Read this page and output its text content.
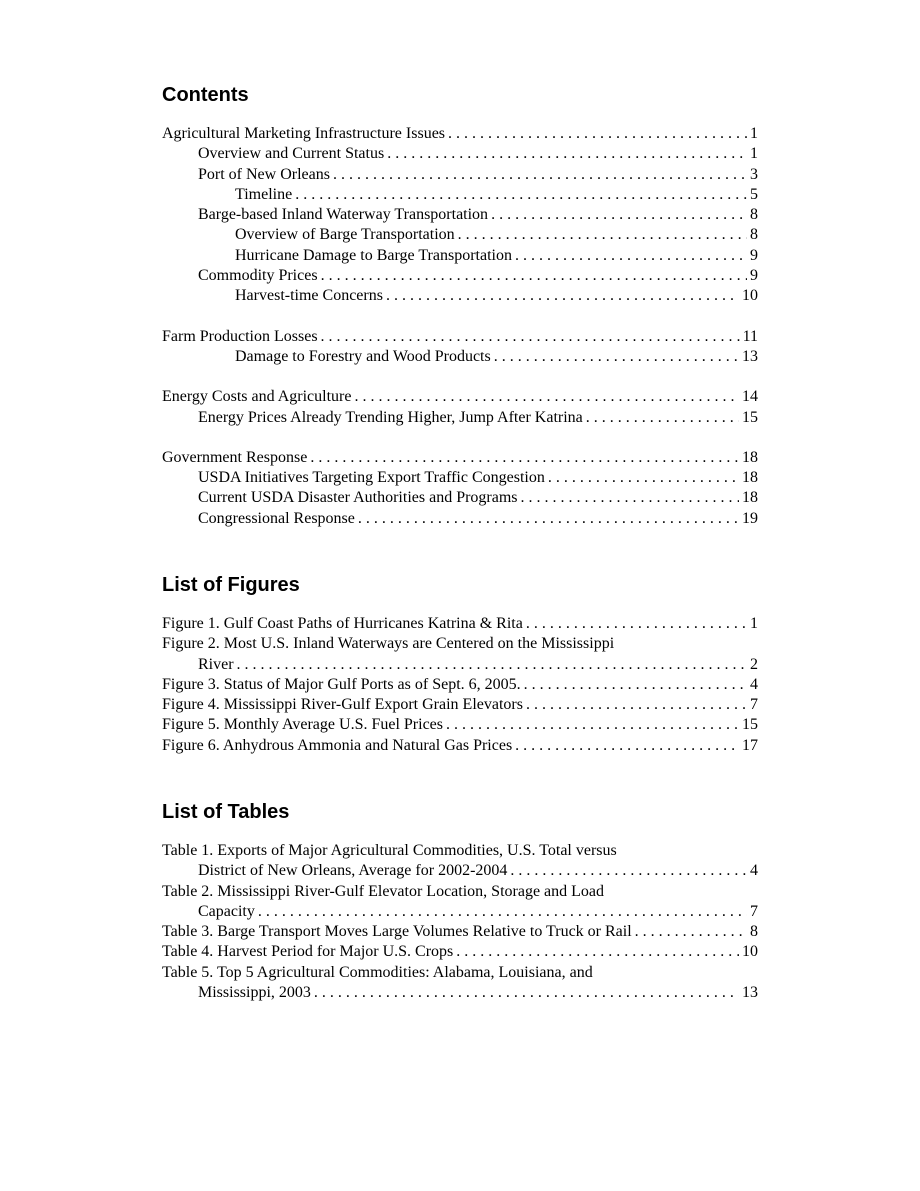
Contents
Agricultural Marketing Infrastructure Issues . . .	1
Overview and Current Status . . .	1
Port of New Orleans . . .	3
Timeline . . .	5
Barge-based Inland Waterway Transportation . . .	8
Overview of Barge Transportation . . .	8
Hurricane Damage to Barge Transportation . . .	9
Commodity Prices . . .	9
Harvest-time Concerns . . .	10
Farm Production Losses . . .	11
Damage to Forestry and Wood Products . . .	13
Energy Costs and Agriculture . . .	14
Energy Prices Already Trending Higher, Jump After Katrina . . .	15
Government Response . . .	18
USDA Initiatives Targeting Export Traffic Congestion . . .	18
Current USDA Disaster Authorities and Programs . . .	18
Congressional Response . . .	19
List of Figures
Figure 1. Gulf Coast Paths of Hurricanes Katrina & Rita . . .	1
Figure 2. Most U.S. Inland Waterways are Centered on the Mississippi
River . . .	2
Figure 3. Status of Major Gulf Ports as of Sept. 6, 2005. . . .	4
Figure 4. Mississippi River-Gulf Export Grain Elevators . . .	7
Figure 5. Monthly Average U.S. Fuel Prices . . .	15
Figure 6. Anhydrous Ammonia and Natural Gas Prices . . .	17
List of Tables
Table 1. Exports of Major Agricultural Commodities, U.S. Total versus
District of New Orleans, Average for 2002-2004 . . .	4
Table 2. Mississippi River-Gulf Elevator Location, Storage and Load
Capacity . . .	7
Table 3. Barge Transport Moves Large Volumes Relative to Truck or Rail . . .	8
Table 4. Harvest Period for Major U.S. Crops . . .	10
Table 5. Top 5 Agricultural Commodities: Alabama, Louisiana, and
Mississippi, 2003 . . .	13
